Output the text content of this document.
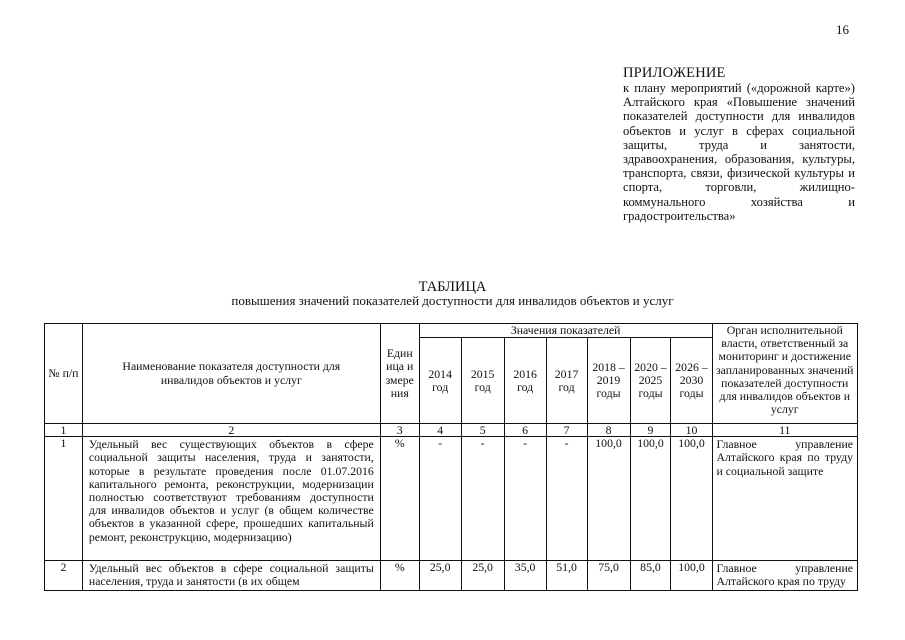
16
ПРИЛОЖЕНИЕ
к плану мероприятий («дорожной карте») Алтайского края «Повышение значений показателей доступности для инвалидов объектов и услуг в сферах социальной защиты, труда и занятости, здравоохранения, образования, культуры, транспорта, связи, физической культуры и спорта, торговли, жилищно-коммунального хозяйства и градостроительства»
ТАБЛИЦА
повышения значений показателей доступности для инвалидов объектов и услуг
№ п/п	Наименование показателя доступности для инвалидов объектов и услуг	Единица измерения	Значения показателей							Орган исполнительной власти, ответственный за мониторинг и достижение запланированных значений показателей доступности для инвалидов объектов и услуг
			2014 год	2015 год	2016 год	2017 год	2018 – 2019 годы	2020 – 2025 годы	2026 – 2030 годы	
1	2	3	4	5	6	7	8	9	10	11
1	Удельный вес существующих объектов в сфере социальной защиты населения, труда и занятости, которые в результате проведения после 01.07.2016 капитального ремонта, реконструкции, модернизации полностью соответствуют требованиям доступности для инвалидов объектов и услуг (в общем количестве объектов в указанной сфере, прошедших капитальный ремонт, реконструкцию, модернизацию)	%	-	-	-	-	100,0	100,0	100,0	Главное управление Алтайского края по труду и социальной защите
2	Удельный вес объектов в сфере социальной защиты населения, труда и занятости (в их общем	%	25,0	25,0	35,0	51,0	75,0	85,0	100,0	Главное управление Алтайского края по труду
